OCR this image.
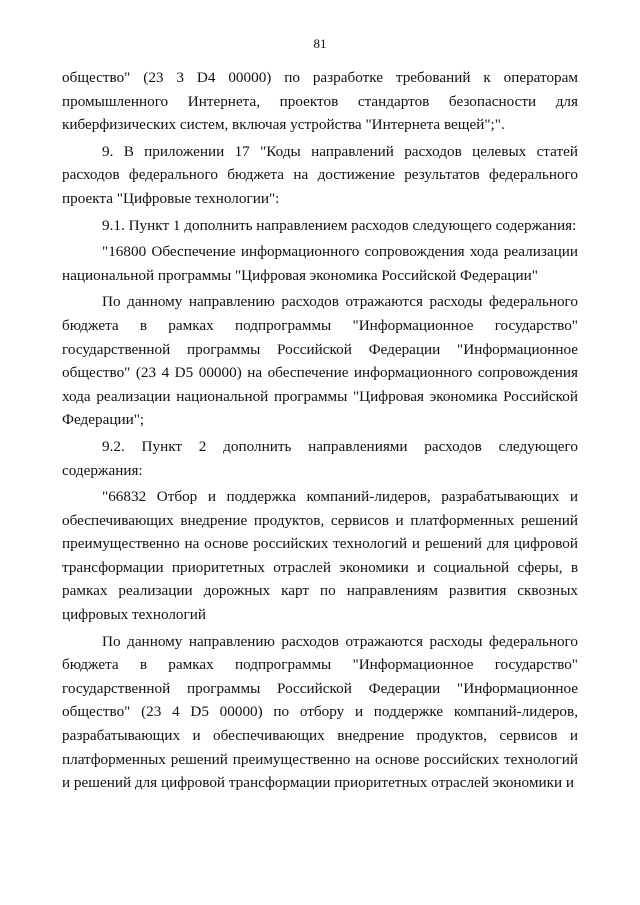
81

общество" (23 3 D4 00000) по разработке требований к операторам промышленного Интернета, проектов стандартов безопасности для киберфизических систем, включая устройства "Интернета вещей";".

9. В приложении 17 "Коды направлений расходов целевых статей расходов федерального бюджета на достижение результатов федерального проекта "Цифровые технологии":

9.1. Пункт 1 дополнить направлением расходов следующего содержания:

"16800 Обеспечение информационного сопровождения хода реализации национальной программы "Цифровая экономика Российской Федерации"

По данному направлению расходов отражаются расходы федерального бюджета в рамках подпрограммы "Информационное государство" государственной программы Российской Федерации "Информационное общество" (23 4 D5 00000) на обеспечение информационного сопровождения хода реализации национальной программы "Цифровая экономика Российской Федерации";

9.2. Пункт 2 дополнить направлениями расходов следующего содержания:

"66832 Отбор и поддержка компаний-лидеров, разрабатывающих и обеспечивающих внедрение продуктов, сервисов и платформенных решений преимущественно на основе российских технологий и решений для цифровой трансформации приоритетных отраслей экономики и социальной сферы, в рамках реализации дорожных карт по направлениям развития сквозных цифровых технологий

По данному направлению расходов отражаются расходы федерального бюджета в рамках подпрограммы "Информационное государство" государственной программы Российской Федерации "Информационное общество" (23 4 D5 00000) по отбору и поддержке компаний-лидеров, разрабатывающих и обеспечивающих внедрение продуктов, сервисов и платформенных решений преимущественно на основе российских технологий и решений для цифровой трансформации приоритетных отраслей экономики и
